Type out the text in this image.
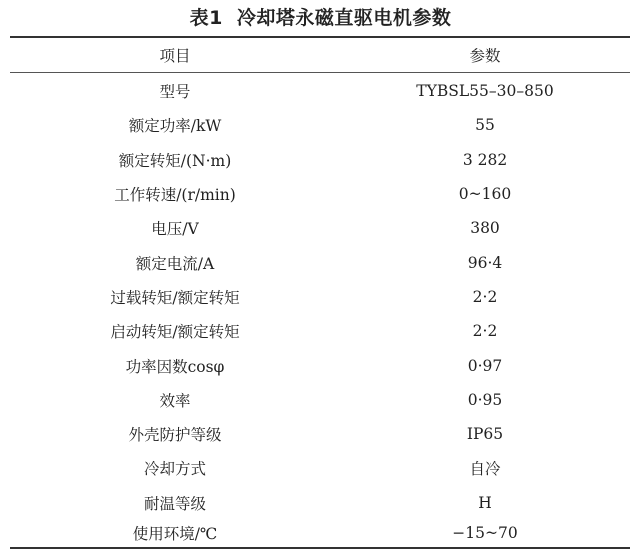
表1 冷却塔永磁直驱电机参数
项目	参数
型号	TYBSL55–30–850
额定功率/kW	55
额定转矩/(N·m)	3 282
工作转速/(r/min)	0~160
电压/V	380
额定电流/A	96·4
过载转矩/额定转矩	2·2
启动转矩/额定转矩	2·2
功率因数cosφ	0·97
效率	0·95
外壳防护等级	IP65
冷却方式	自冷
耐温等级	H
使用环境/℃	−15~70
